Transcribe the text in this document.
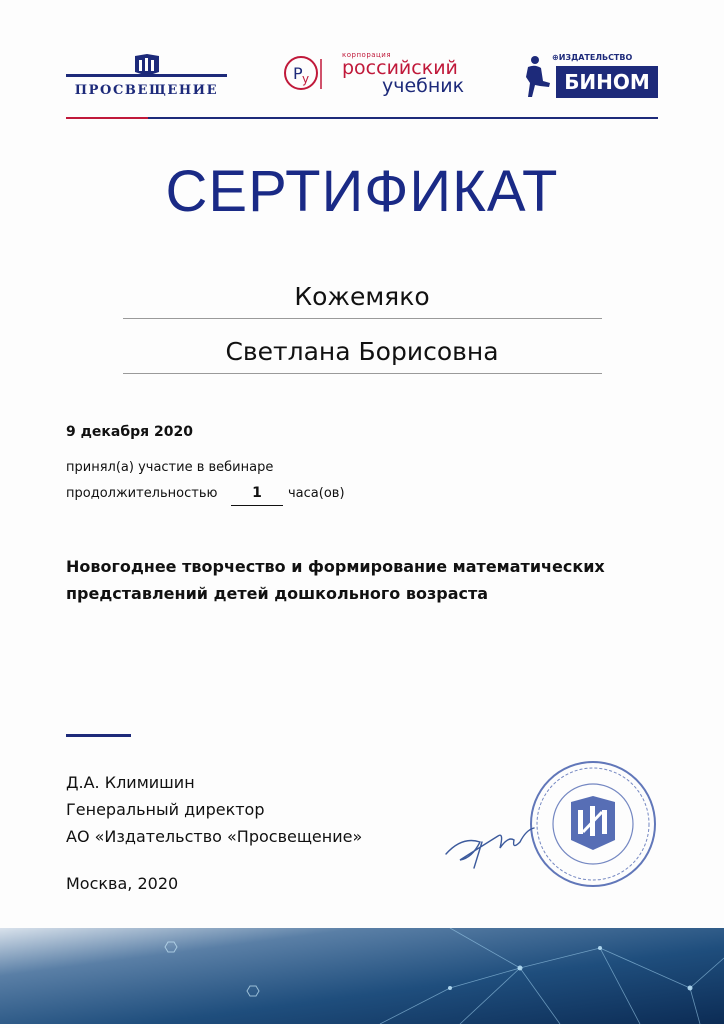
ПРОСВЕЩЕНИЕ
Р у
корпорация
российский
учебник
⊕ИЗДАТЕЛЬСТВО
БИНОМ
СЕРТИФИКАТ
Кожемяко
Светлана Борисовна
9 декабря 2020
принял(а) участие в вебинаре
продолжительностью	1	часа(ов)
Новогоднее творчество и формирование математических представлений детей дошкольного возраста
Д.А. Климишин
Генеральный директор
АО «Издательство «Просвещение»
Москва, 2020
